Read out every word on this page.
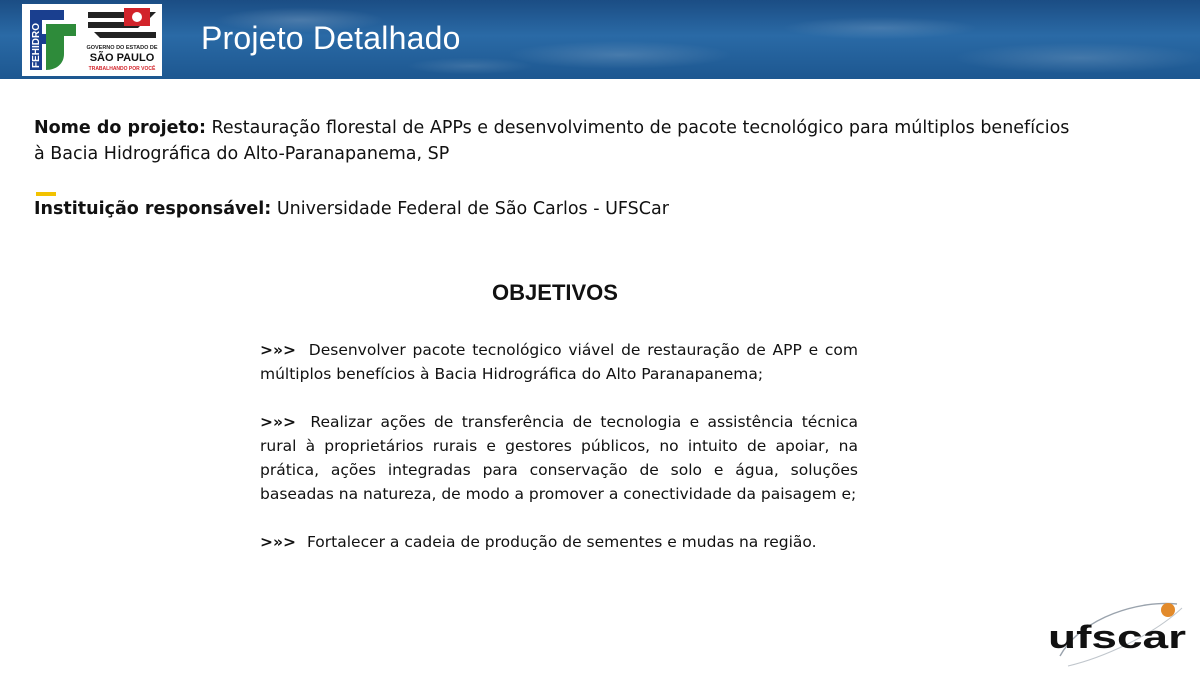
FEHIDRO	GOVERNO DO ESTADO DE
SÃO PAULO
TRABALHANDO POR VOCÊ
Projeto Detalhado
Nome do projeto: Restauração florestal de APPs e desenvolvimento de pacote tecnológico para múltiplos benefícios
à Bacia Hidrográfica do Alto-Paranapanema, SP
Instituição responsável: Universidade Federal de São Carlos - UFSCar
OBJETIVOS

>»> Desenvolver pacote tecnológico viável de restauração de APP e com múltiplos benefícios à Bacia Hidrográfica do Alto Paranapanema;

>»> Realizar ações de transferência de tecnologia e assistência técnica rural à proprietários rurais e gestores públicos, no intuito de apoiar, na prática, ações integradas para conservação de solo e água, soluções baseadas na natureza, de modo a promover a conectividade da paisagem e;

>»> Fortalecer a cadeia de produção de sementes e mudas na região.

ufscar
